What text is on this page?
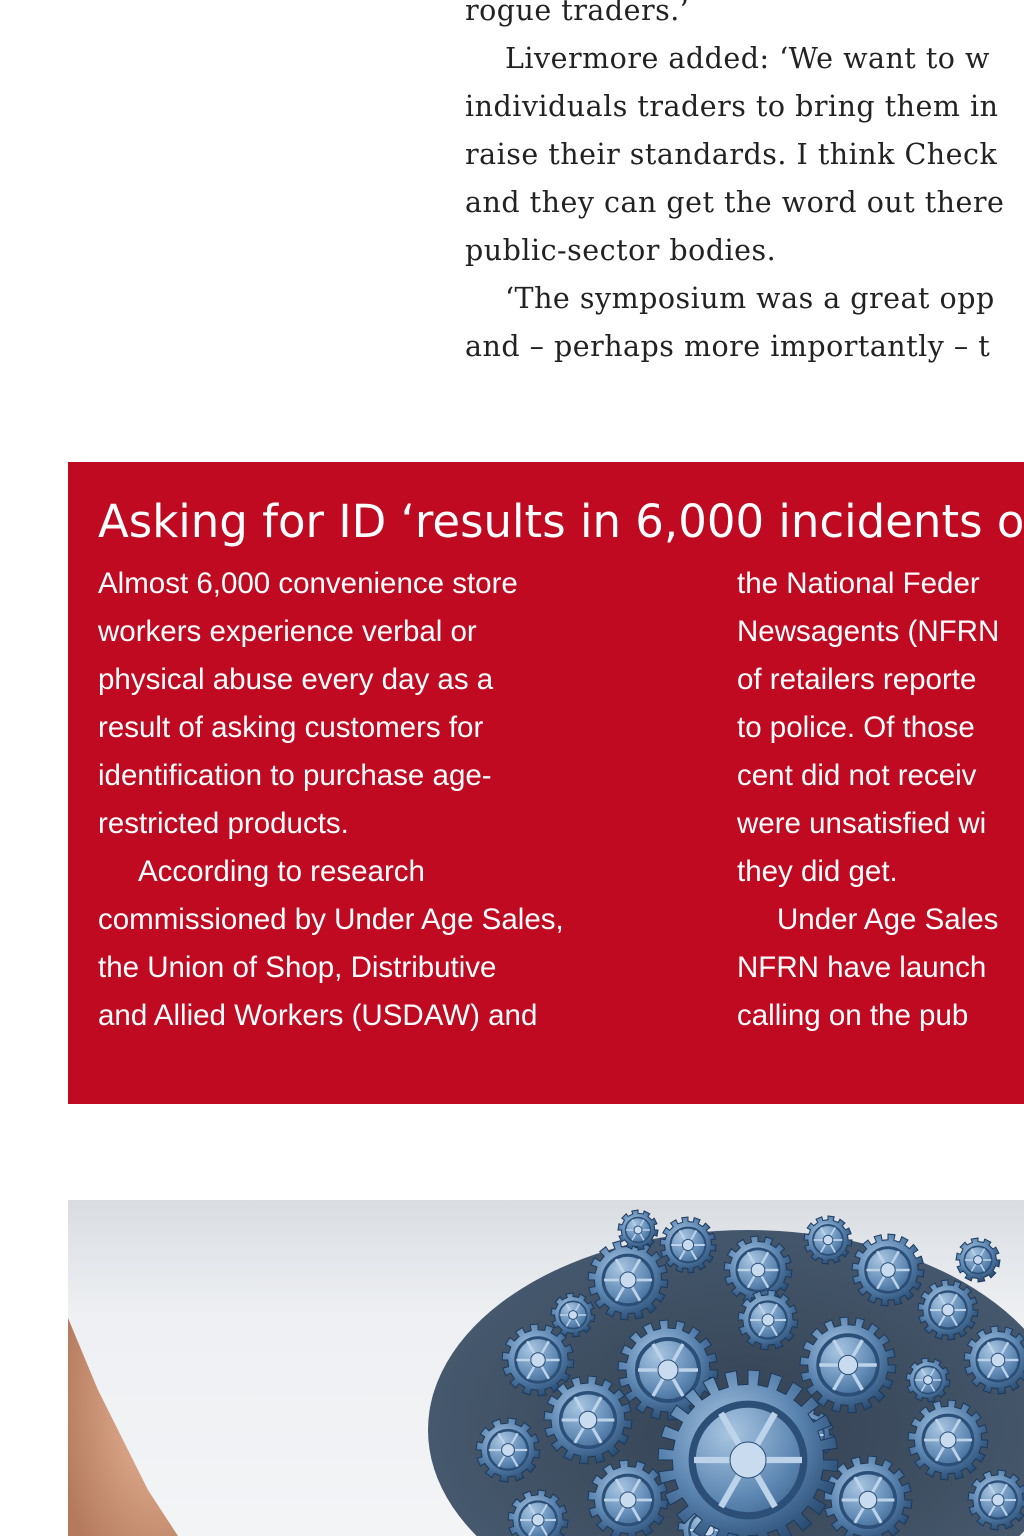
rogue traders.’
Livermore added: ‘We want to w
individuals traders to bring them in
raise their standards. I think Check
and they can get the word out there
public-sector bodies.
‘The symposium was a great opp
and – perhaps more importantly – t
Asking for ID ‘results in 6,000 incidents o
Almost 6,000 convenience store
workers experience verbal or
physical abuse every day as a
result of asking customers for
identification to purchase age-
restricted products.
According to research
commissioned by Under Age Sales,
the Union of Shop, Distributive
and Allied Workers (USDAW) and
the National Feder
Newsagents (NFRN
of retailers reporte
to police. Of those
cent did not receiv
were unsatisfied wi
they did get.
Under Age Sales
NFRN have launch
calling on the pub
